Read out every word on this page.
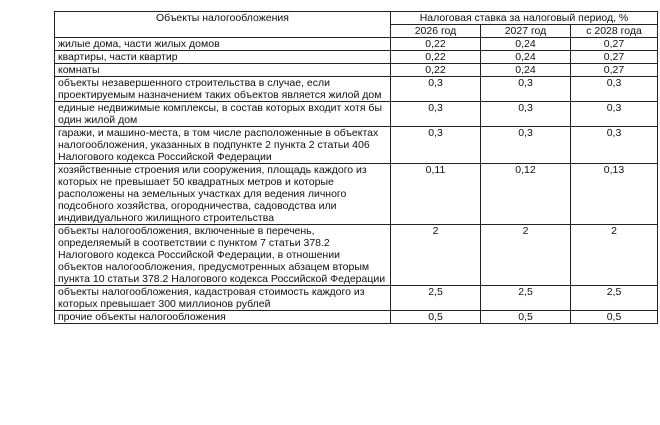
Объекты налогообложения	Налоговая ставка за налоговый период, %		
	2026 год	2027 год	с 2028 года
жилые дома, части жилых домов	0,22	0,24	0,27
квартиры, части квартир	0,22	0,24	0,27
комнаты	0,22	0,24	0,27
объекты незавершенного строительства в случае, если проектируемым назначением таких объектов является жилой дом	0,3	0,3	0,3
единые недвижимые комплексы, в состав которых входит хотя бы один жилой дом	0,3	0,3	0,3
гаражи, и машино-места, в том числе расположенные в объектах налогообложения, указанных в подпункте 2 пункта 2 статьи 406 Налогового кодекса Российской Федерации	0,3	0,3	0,3
хозяйственные строения или сооружения, площадь каждого из которых не превышает 50 квадратных метров и которые расположены на земельных участках для ведения личного подсобного хозяйства, огородничества, садоводства или индивидуального жилищного строительства	0,11	0,12	0,13
объекты налогообложения, включенные в перечень, определяемый в соответствии с пунктом 7 статьи 378.2 Налогового кодекса Российской Федерации, в отношении объектов налогообложения, предусмотренных абзацем вторым пункта 10 статьи 378.2 Налогового кодекса Российской Федерации	2	2	2
объекты налогообложения, кадастровая стоимость каждого из которых превышает 300 миллионов рублей	2,5	2,5	2,5
прочие объекты налогообложения	0,5	0,5	0,5
